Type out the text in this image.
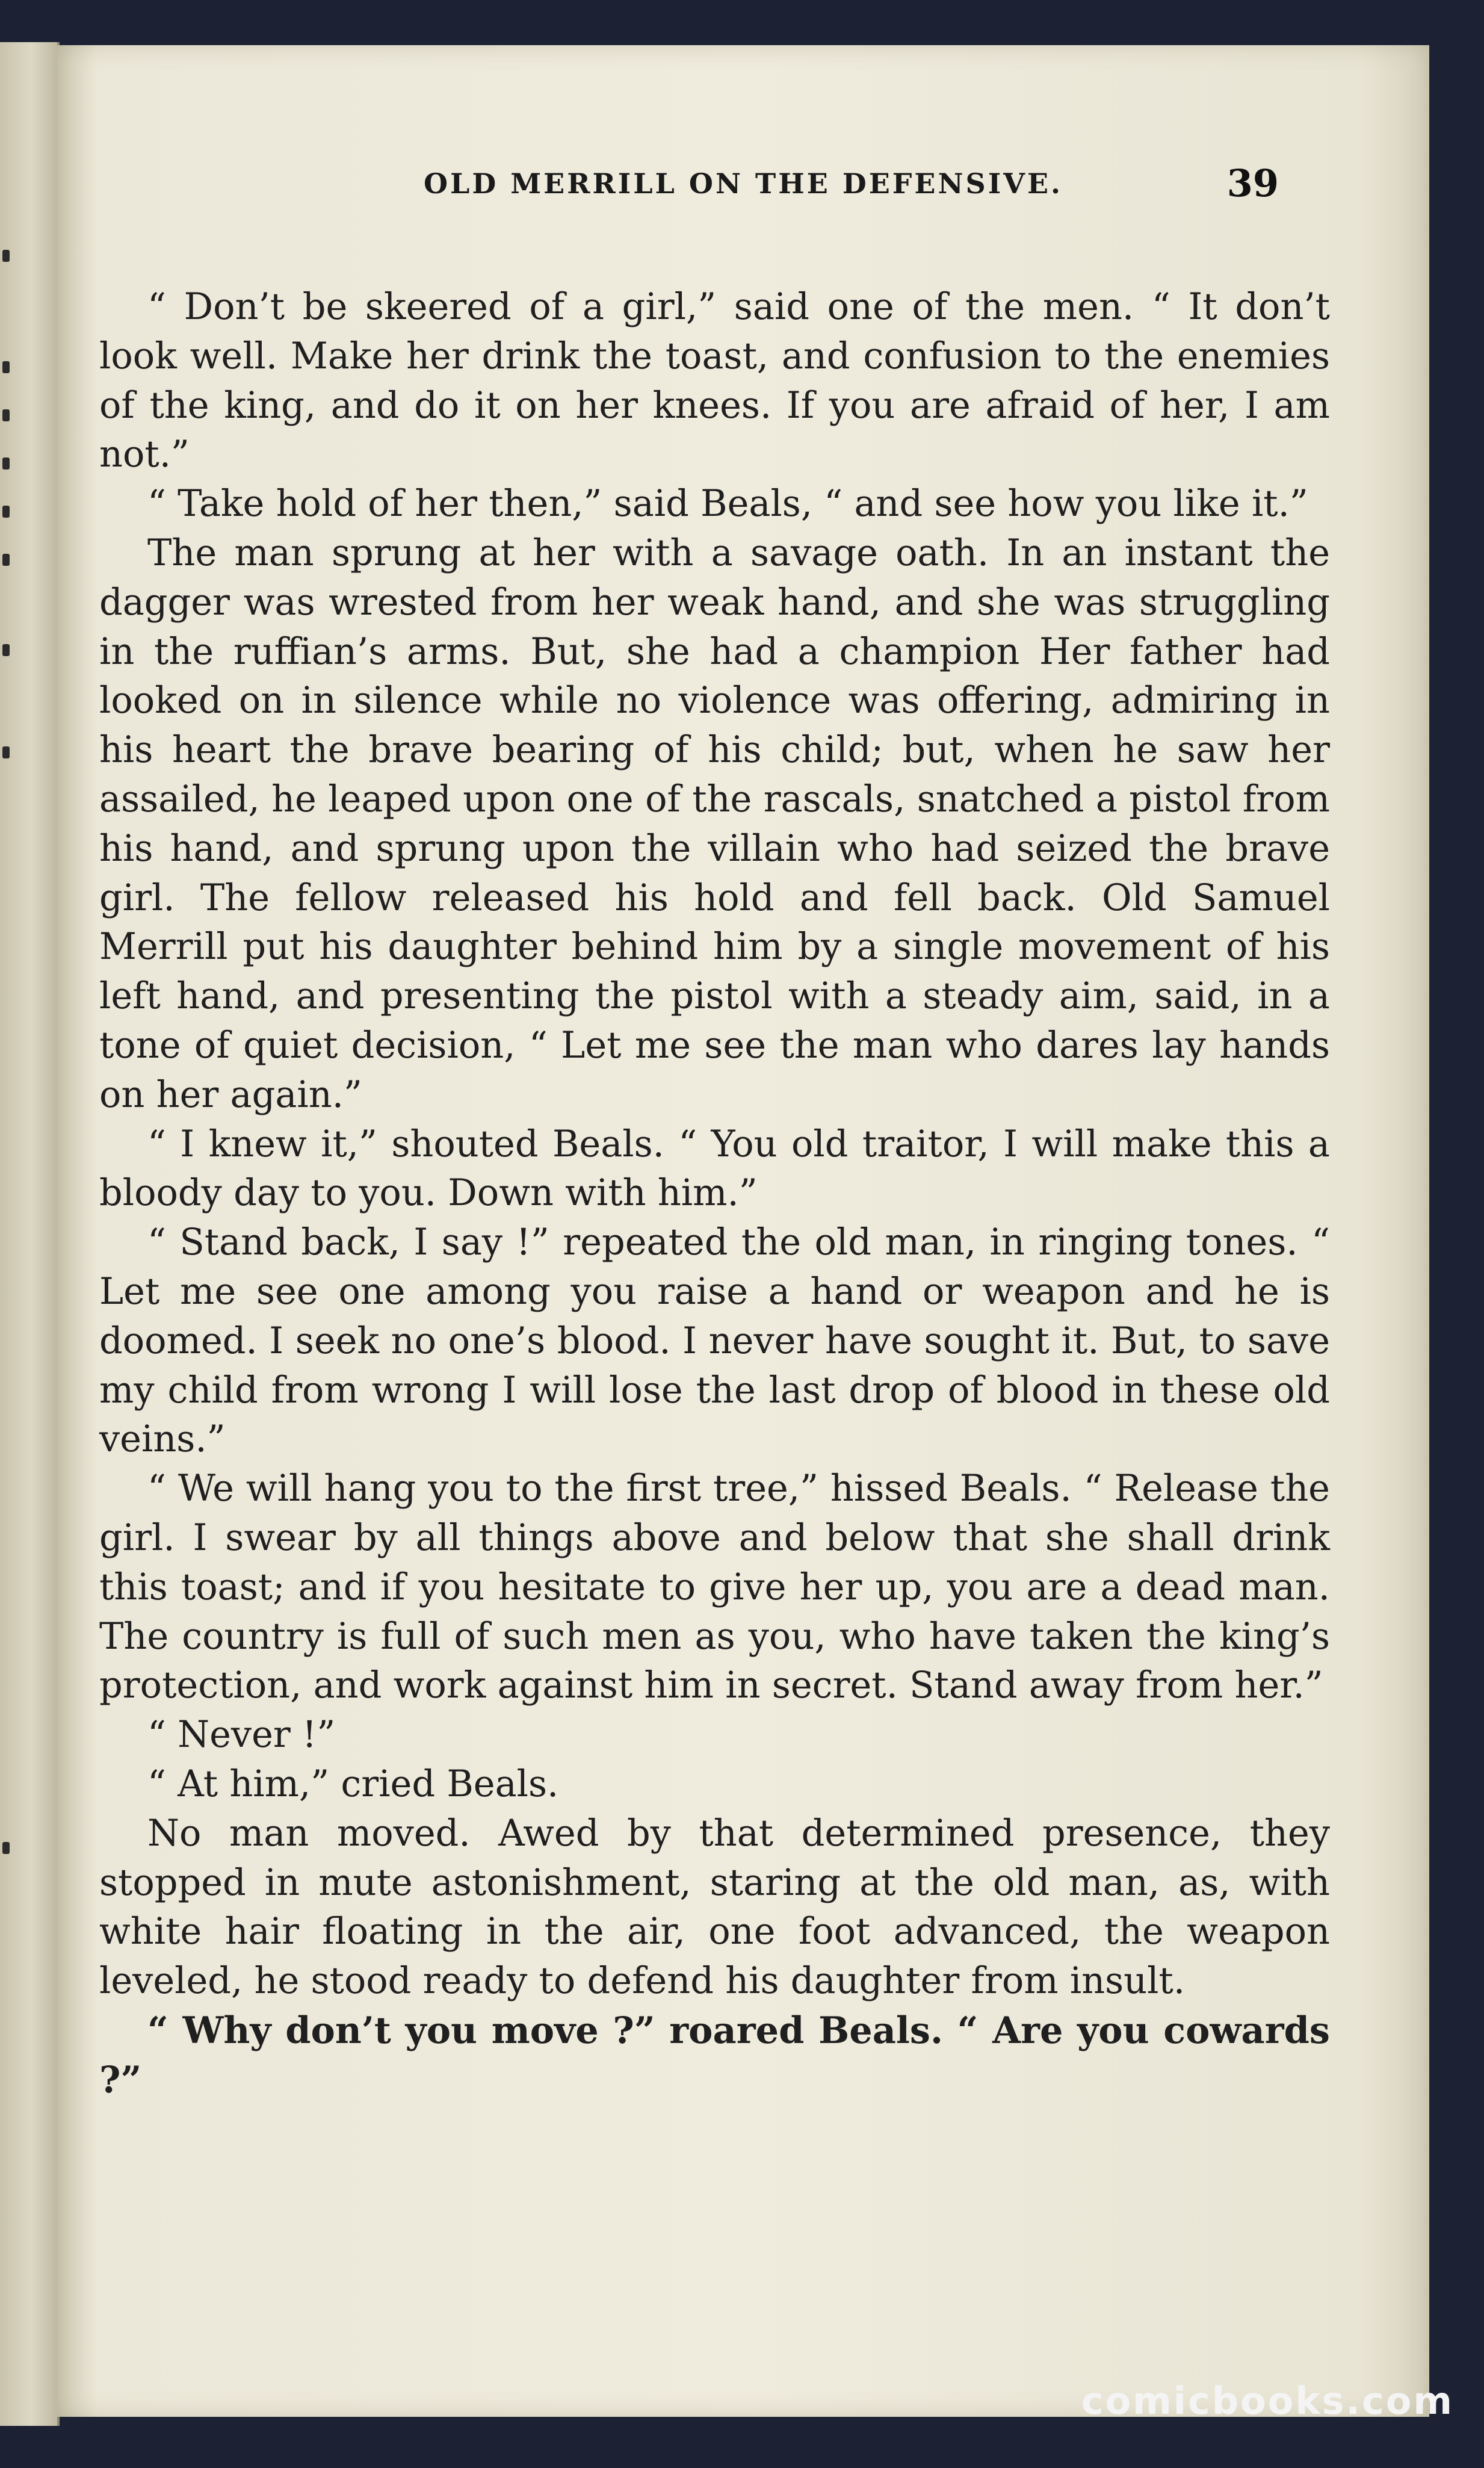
OLD MERRILL ON THE DEFENSIVE.	39

“ Don’t be skeered of a girl,” said one of the men. “ It don’t look well. Make her drink the toast, and confusion to the enemies of the king, and do it on her knees. If you are afraid of her, I am not.”

“ Take hold of her then,” said Beals, “ and see how you like it.”

The man sprung at her with a savage oath. In an instant the dagger was wrested from her weak hand, and she was struggling in the ruffian’s arms. But, she had a champion Her father had looked on in silence while no violence was offering, admiring in his heart the brave bearing of his child; but, when he saw her assailed, he leaped upon one of the rascals, snatched a pistol from his hand, and sprung upon the villain who had seized the brave girl. The fellow released his hold and fell back. Old Samuel Merrill put his daughter behind him by a single movement of his left hand, and presenting the pistol with a steady aim, said, in a tone of quiet decision, “ Let me see the man who dares lay hands on her again.”

“ I knew it,” shouted Beals. “ You old traitor, I will make this a bloody day to you. Down with him.”

“ Stand back, I say !” repeated the old man, in ringing tones. “ Let me see one among you raise a hand or weapon and he is doomed. I seek no one’s blood. I never have sought it. But, to save my child from wrong I will lose the last drop of blood in these old veins.”

“ We will hang you to the first tree,” hissed Beals. “ Release the girl. I swear by all things above and below that she shall drink this toast; and if you hesitate to give her up, you are a dead man. The country is full of such men as you, who have taken the king’s protection, and work against him in secret. Stand away from her.”

“ Never !”

“ At him,” cried Beals.

No man moved. Awed by that determined presence, they stopped in mute astonishment, staring at the old man, as, with white hair floating in the air, one foot advanced, the weapon leveled, he stood ready to defend his daughter from insult.

“ Why don’t you move ?” roared Beals. “ Are you cowards ?”

comicbooks.com
